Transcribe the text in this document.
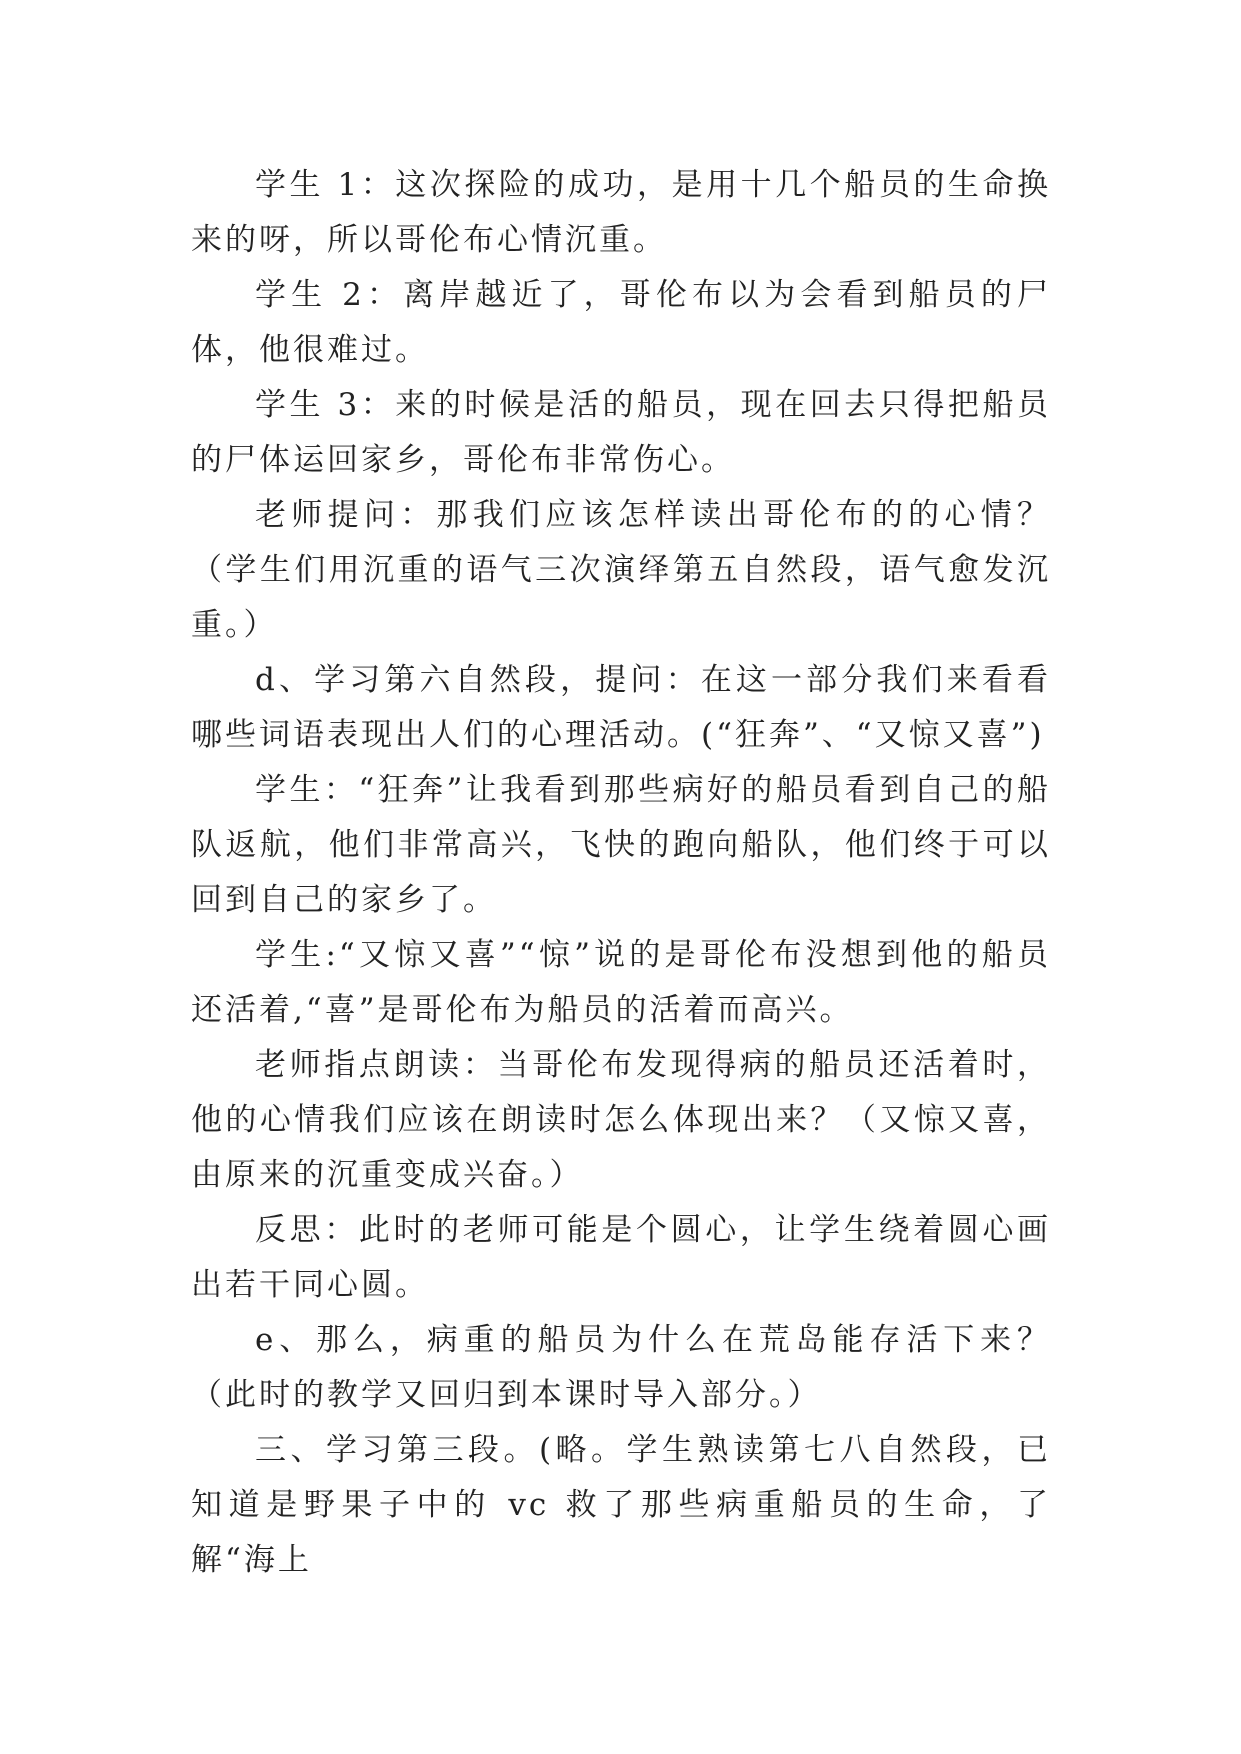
学生 1：这次探险的成功，是用十几个船员的生命换来的呀，所以哥伦布心情沉重。

学生 2：离岸越近了，哥伦布以为会看到船员的尸体，他很难过。

学生 3：来的时候是活的船员，现在回去只得把船员的尸体运回家乡，哥伦布非常伤心。

老师提问：那我们应该怎样读出哥伦布的的心情？（学生们用沉重的语气三次演绎第五自然段，语气愈发沉重。）

d、学习第六自然段，提问：在这一部分我们来看看哪些词语表现出人们的心理活动。(“狂奔”、“又惊又喜”)

学生：“狂奔”让我看到那些病好的船员看到自己的船队返航，他们非常高兴，飞快的跑向船队，他们终于可以回到自己的家乡了。

学生:“又惊又喜”“惊”说的是哥伦布没想到他的船员还活着,“喜”是哥伦布为船员的活着而高兴。

老师指点朗读：当哥伦布发现得病的船员还活着时，他的心情我们应该在朗读时怎么体现出来？（又惊又喜，由原来的沉重变成兴奋。）

反思：此时的老师可能是个圆心，让学生绕着圆心画出若干同心圆。

e、那么，病重的船员为什么在荒岛能存活下来？（此时的教学又回归到本课时导入部分。）

三、学习第三段。(略。学生熟读第七八自然段，已知道是野果子中的 vc 救了那些病重船员的生命，了解“海上
